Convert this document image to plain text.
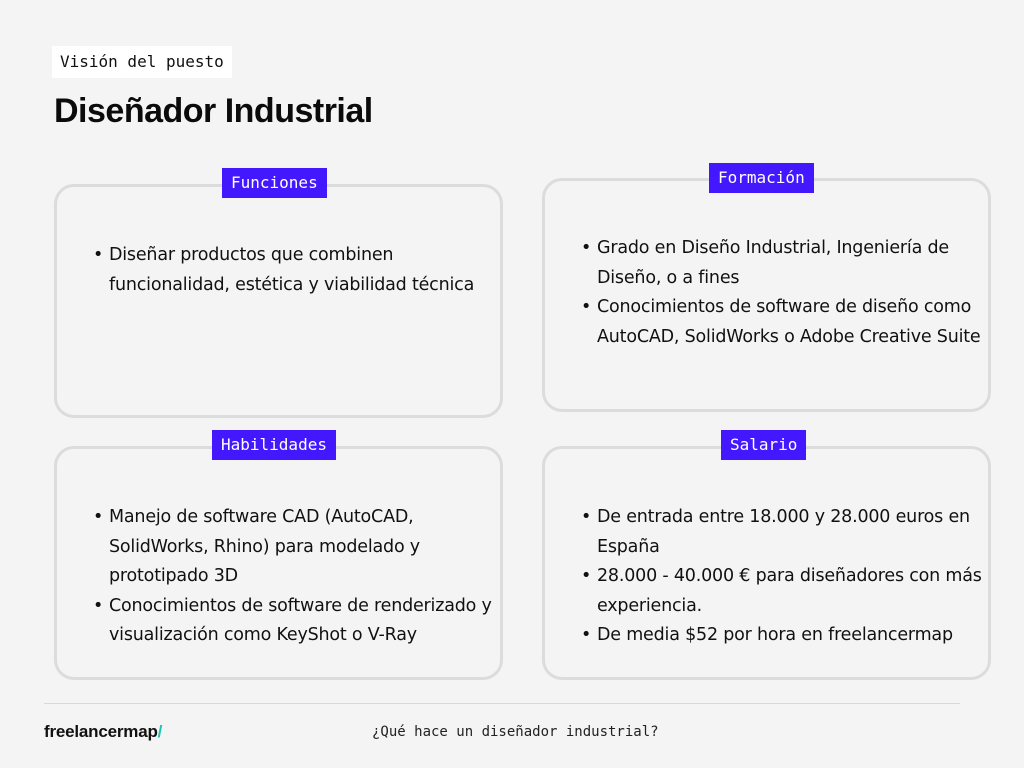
Visión del puesto
Diseñador Industrial
• Diseñar productos que combinen funcionalidad, estética y viabilidad técnica
Funciones
• Grado en Diseño Industrial, Ingeniería de Diseño, o a fines
• Conocimientos de software de diseño como AutoCAD, SolidWorks o Adobe Creative Suite
Formación
• Manejo de software CAD (AutoCAD, SolidWorks, Rhino) para modelado y prototipado 3D
• Conocimientos de software de renderizado y visualización como KeyShot o V-Ray
Habilidades
• De entrada entre 18.000 y 28.000 euros en España
• 28.000 - 40.000 € para diseñadores con más experiencia.
• De media $52 por hora en freelancermap
Salario
freelancermap/	¿Qué hace un diseñador industrial?
